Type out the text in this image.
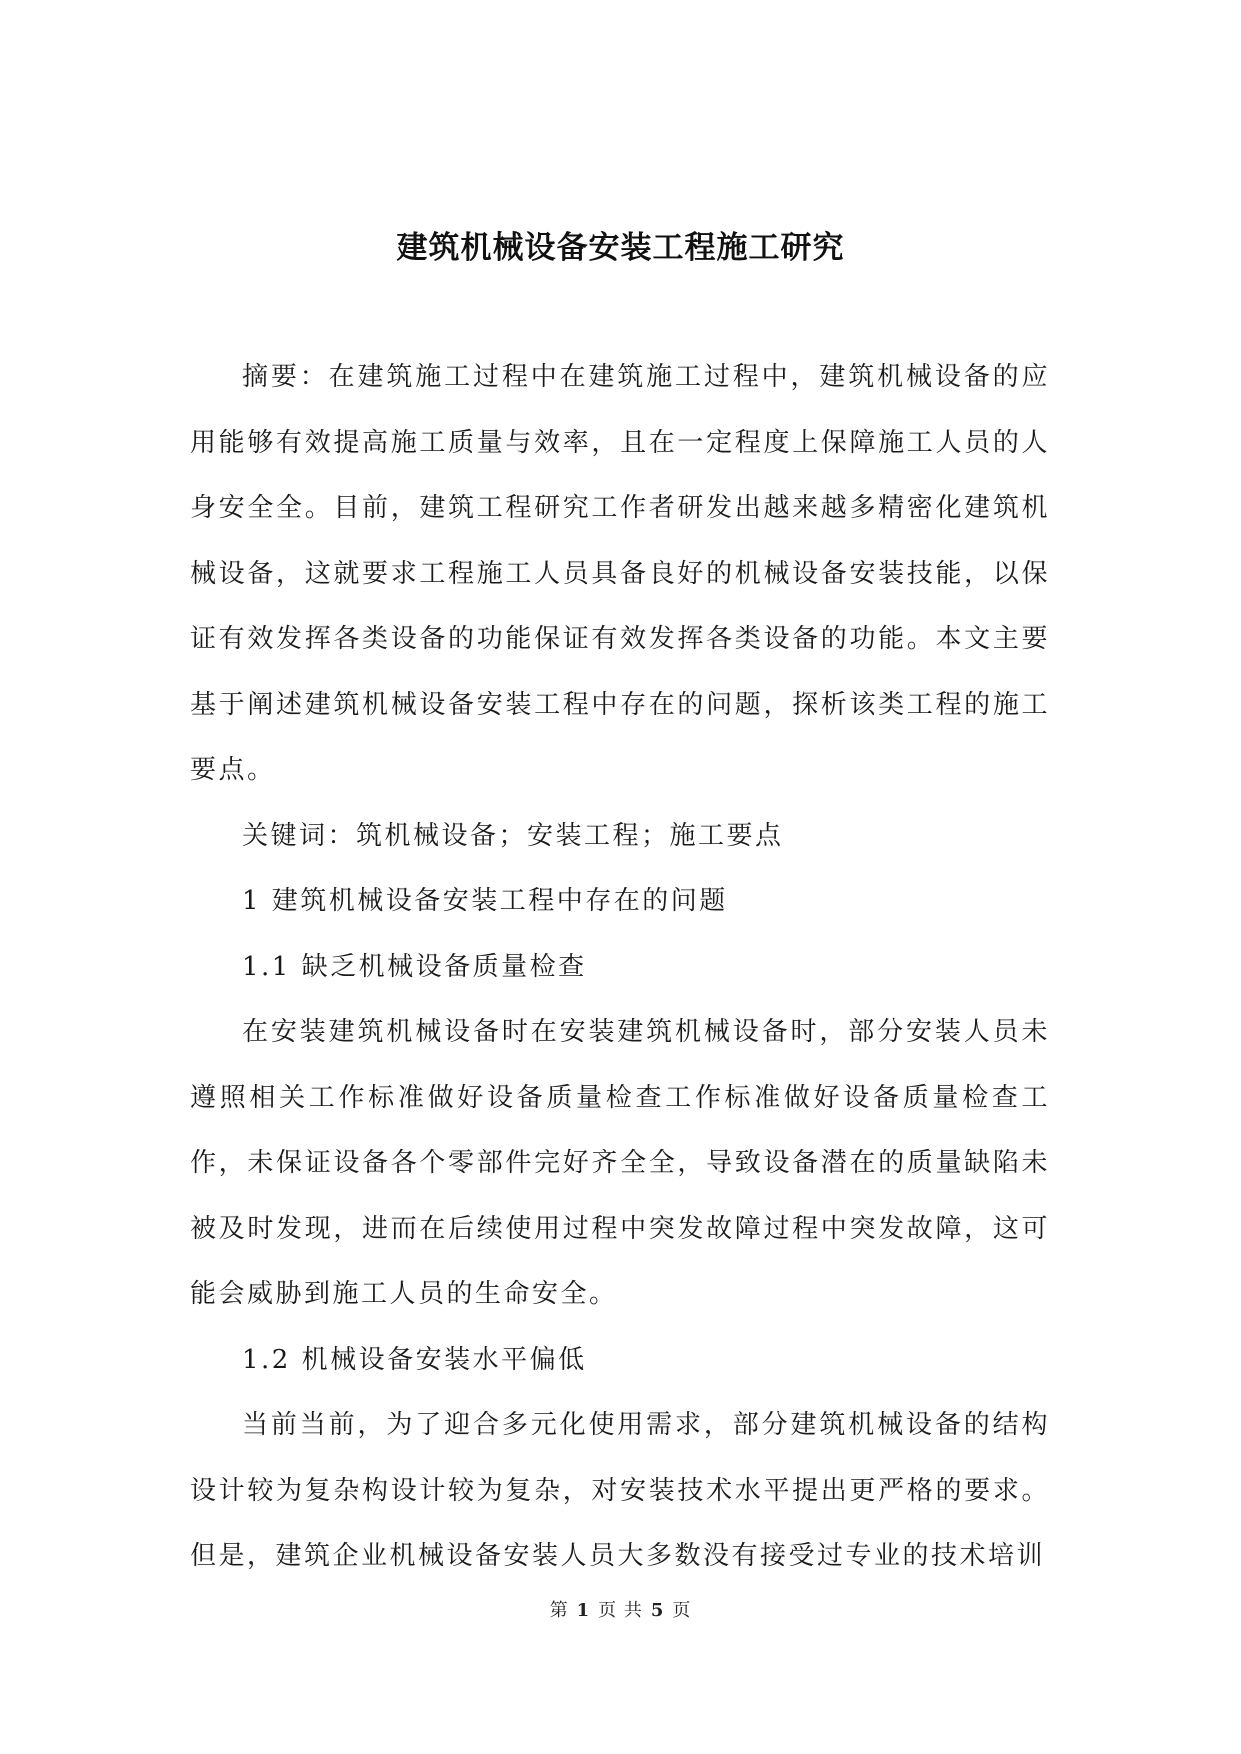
建筑机械设备安装工程施工研究

摘要：在建筑施工过程中在建筑施工过程中，建筑机械设备的应用能够有效提高施工质量与效率，且在一定程度上保障施工人员的人身安全全。目前，建筑工程研究工作者研发出越来越多精密化建筑机械设备，这就要求工程施工人员具备良好的机械设备安装技能，以保证有效发挥各类设备的功能保证有效发挥各类设备的功能。本文主要基于阐述建筑机械设备安装工程中存在的问题，探析该类工程的施工要点。

关键词：筑机械设备；安装工程；施工要点

1 建筑机械设备安装工程中存在的问题

1.1 缺乏机械设备质量检查

在安装建筑机械设备时在安装建筑机械设备时，部分安装人员未遵照相关工作标准做好设备质量检查工作标准做好设备质量检查工作，未保证设备各个零部件完好齐全全，导致设备潜在的质量缺陷未被及时发现，进而在后续使用过程中突发故障过程中突发故障，这可能会威胁到施工人员的生命安全。

1.2 机械设备安装水平偏低

当前当前，为了迎合多元化使用需求，部分建筑机械设备的结构设计较为复杂构设计较为复杂，对安装技术水平提出更严格的要求。但是，建筑企业机械设备安装人员大多数没有接受过专业的技术培训

第 1 页 共 5 页
